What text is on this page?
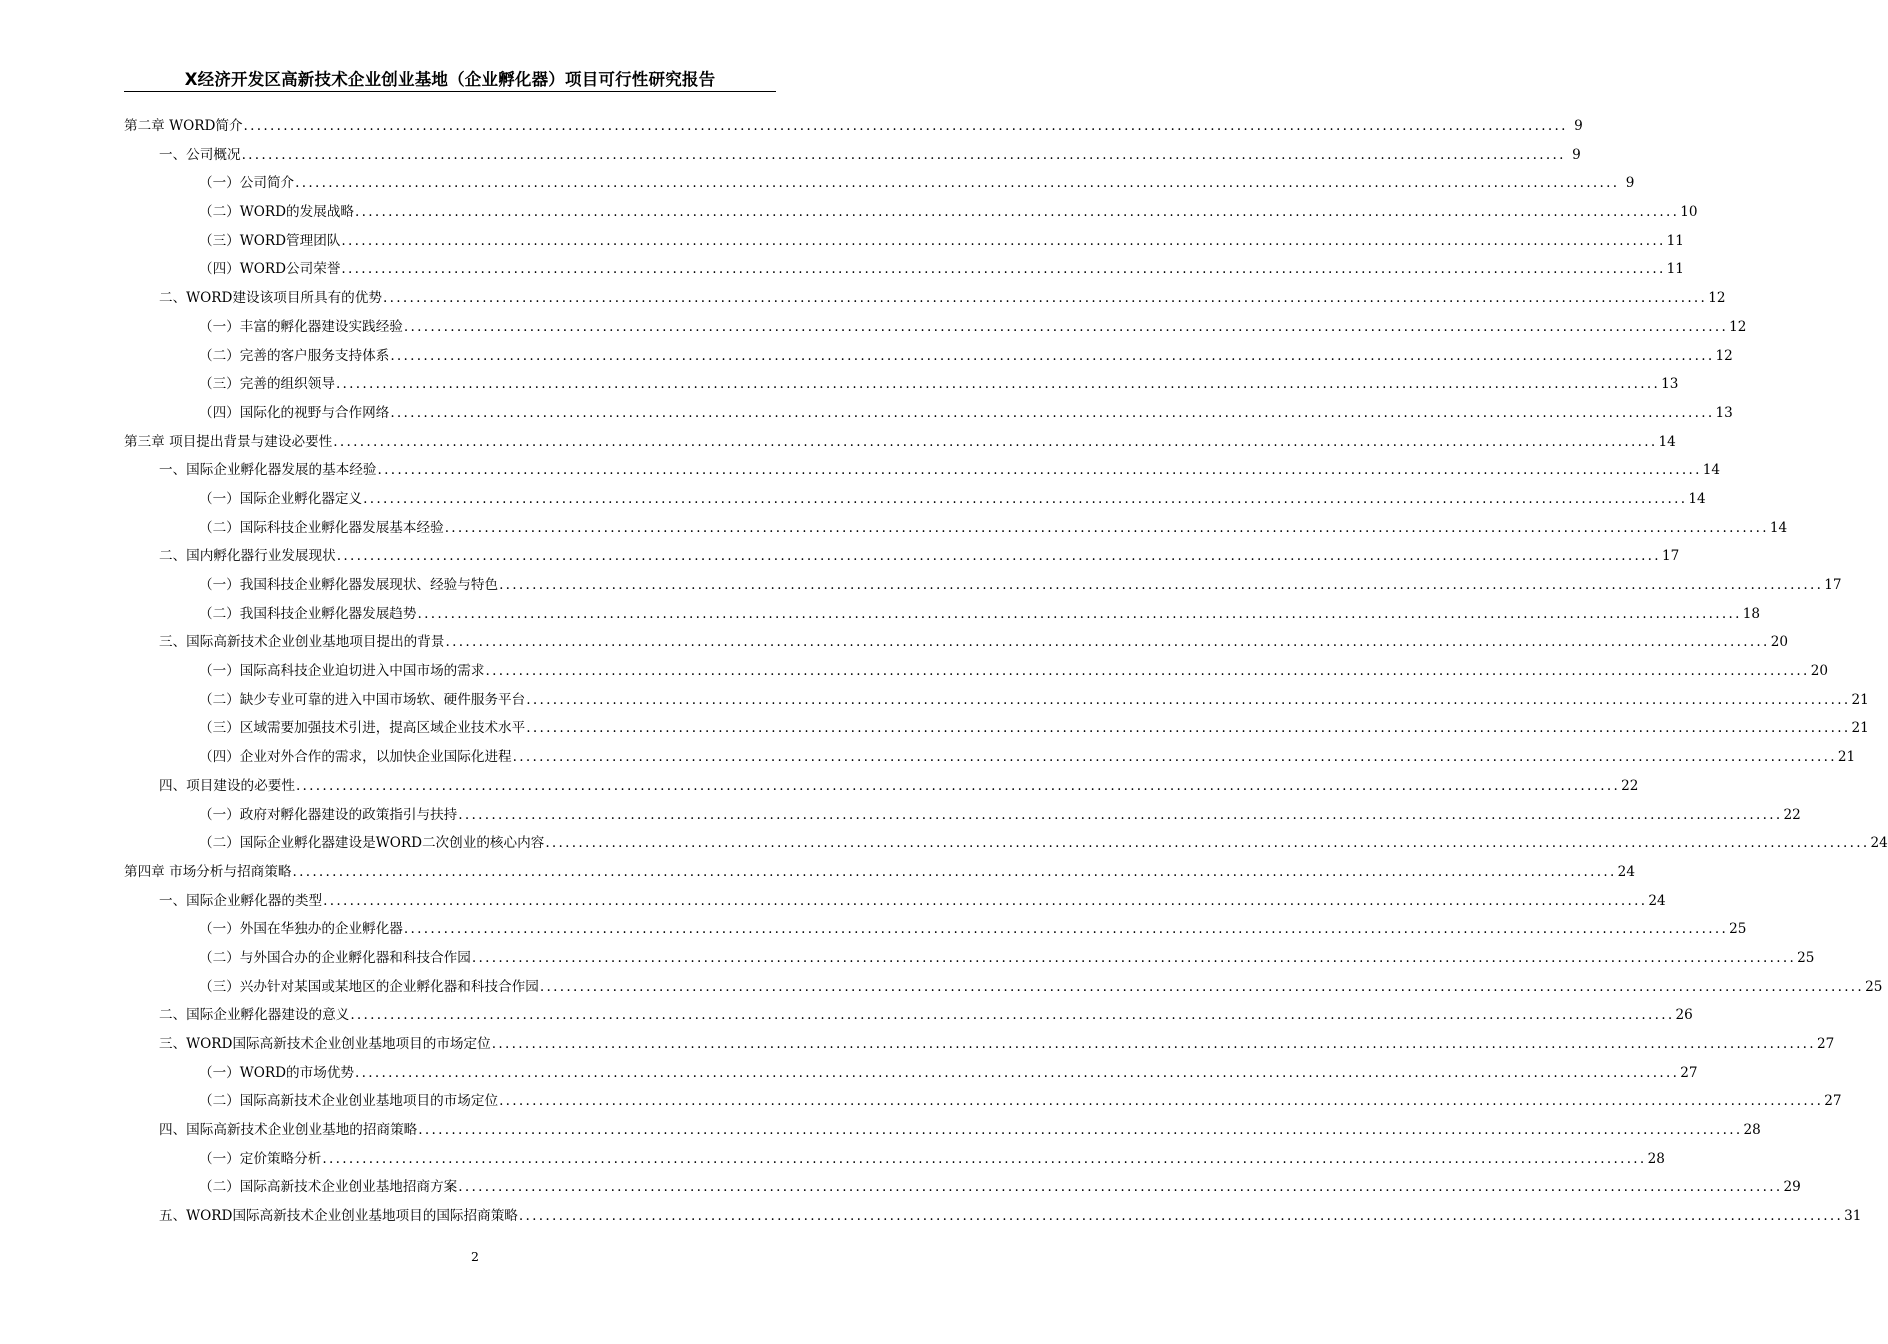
X经济开发区高新技术企业创业基地（企业孵化器）项目可行性研究报告
第二章 WORD简介 ........................................................................................................................................................................................................ 9
一、公司概况 ........................................................................................................................................................................................................ 9
（一）公司简介 ........................................................................................................................................................................................................ 9
（二）WORD的发展战略 ........................................................................................................................................................................................................ 10
（三）WORD管理团队 ........................................................................................................................................................................................................ 11
（四）WORD公司荣誉 ........................................................................................................................................................................................................ 11
二、WORD建设该项目所具有的优势 ........................................................................................................................................................................................................ 12
（一）丰富的孵化器建设实践经验 ........................................................................................................................................................................................................ 12
（二）完善的客户服务支持体系 ........................................................................................................................................................................................................ 12
（三）完善的组织领导 ........................................................................................................................................................................................................ 13
（四）国际化的视野与合作网络 ........................................................................................................................................................................................................ 13
第三章 项目提出背景与建设必要性 ........................................................................................................................................................................................................ 14
一、国际企业孵化器发展的基本经验 ........................................................................................................................................................................................................ 14
（一）国际企业孵化器定义 ........................................................................................................................................................................................................ 14
（二）国际科技企业孵化器发展基本经验 ........................................................................................................................................................................................................ 14
二、国内孵化器行业发展现状 ........................................................................................................................................................................................................ 17
（一）我国科技企业孵化器发展现状、经验与特色 ........................................................................................................................................................................................................ 17
（二）我国科技企业孵化器发展趋势 ........................................................................................................................................................................................................ 18
三、国际高新技术企业创业基地项目提出的背景 ........................................................................................................................................................................................................ 20
（一）国际高科技企业迫切进入中国市场的需求 ........................................................................................................................................................................................................ 20
（二）缺少专业可靠的进入中国市场软、硬件服务平台 ........................................................................................................................................................................................................ 21
（三）区域需要加强技术引进，提高区域企业技术水平 ........................................................................................................................................................................................................ 21
（四）企业对外合作的需求，以加快企业国际化进程 ........................................................................................................................................................................................................ 21
四、项目建设的必要性 ........................................................................................................................................................................................................ 22
（一）政府对孵化器建设的政策指引与扶持 ........................................................................................................................................................................................................ 22
（二）国际企业孵化器建设是WORD二次创业的核心内容 ........................................................................................................................................................................................................ 24
第四章 市场分析与招商策略 ........................................................................................................................................................................................................ 24
一、国际企业孵化器的类型 ........................................................................................................................................................................................................ 24
（一）外国在华独办的企业孵化器 ........................................................................................................................................................................................................ 25
（二）与外国合办的企业孵化器和科技合作园 ........................................................................................................................................................................................................ 25
（三）兴办针对某国或某地区的企业孵化器和科技合作园 ........................................................................................................................................................................................................ 25
二、国际企业孵化器建设的意义 ........................................................................................................................................................................................................ 26
三、WORD国际高新技术企业创业基地项目的市场定位 ........................................................................................................................................................................................................ 27
（一）WORD的市场优势 ........................................................................................................................................................................................................ 27
（二）国际高新技术企业创业基地项目的市场定位 ........................................................................................................................................................................................................ 27
四、国际高新技术企业创业基地的招商策略 ........................................................................................................................................................................................................ 28
（一）定价策略分析 ........................................................................................................................................................................................................ 28
（二）国际高新技术企业创业基地招商方案 ........................................................................................................................................................................................................ 29
五、WORD国际高新技术企业创业基地项目的国际招商策略 ........................................................................................................................................................................................................ 31
2
